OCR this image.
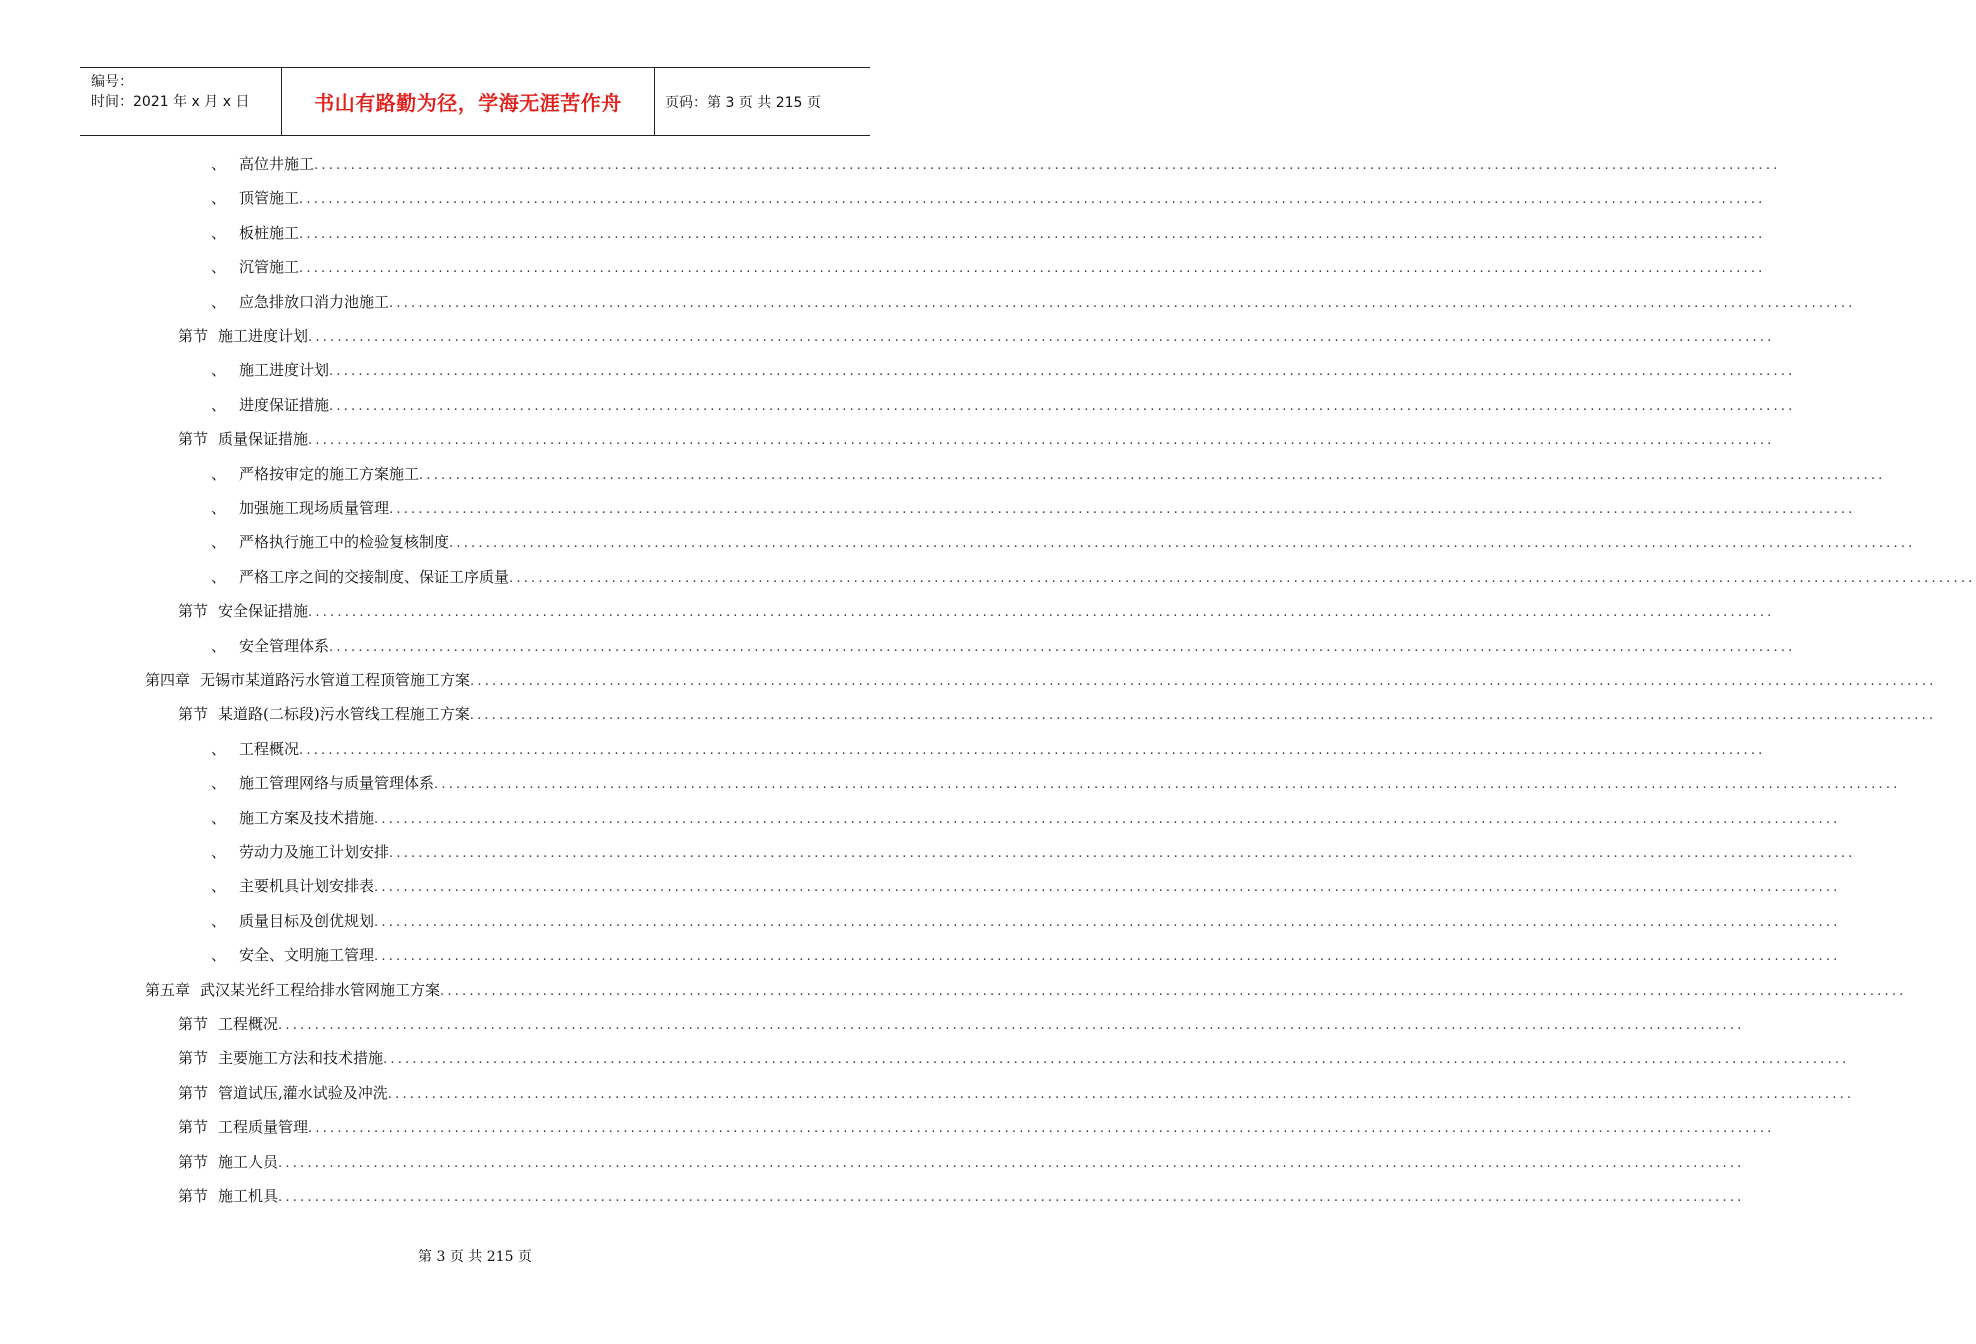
编号：
时间：2021 年 x 月 x 日	书山有路勤为径，学海无涯苦作舟	页码：第 3 页 共 215 页
、 高位井施工 ........................................................................................................................................................................................................
、 顶管施工 ........................................................................................................................................................................................................
、 板桩施工 ........................................................................................................................................................................................................
、 沉管施工 ........................................................................................................................................................................................................
、 应急排放口消力池施工 ........................................................................................................................................................................................................
第节 施工进度计划 ........................................................................................................................................................................................................
、 施工进度计划 ........................................................................................................................................................................................................
、 进度保证措施 ........................................................................................................................................................................................................
第节 质量保证措施 ........................................................................................................................................................................................................
、 严格按审定的施工方案施工 ........................................................................................................................................................................................................
、 加强施工现场质量管理 ........................................................................................................................................................................................................
、 严格执行施工中的检验复核制度 ........................................................................................................................................................................................................
、 严格工序之间的交接制度、保证工序质量 ........................................................................................................................................................................................................
第节 安全保证措施 ........................................................................................................................................................................................................
、 安全管理体系 ........................................................................................................................................................................................................
第四章 无锡市某道路污水管道工程顶管施工方案 ........................................................................................................................................................................................................
第节 某道路(二标段)污水管线工程施工方案 ........................................................................................................................................................................................................
、 工程概况 ........................................................................................................................................................................................................
、 施工管理网络与质量管理体系 ........................................................................................................................................................................................................
、 施工方案及技术措施 ........................................................................................................................................................................................................
、 劳动力及施工计划安排 ........................................................................................................................................................................................................
、 主要机具计划安排表 ........................................................................................................................................................................................................
、 质量目标及创优规划 ........................................................................................................................................................................................................
、 安全、文明施工管理 ........................................................................................................................................................................................................
第五章 武汉某光纤工程给排水管网施工方案 ........................................................................................................................................................................................................
第节 工程概况 ........................................................................................................................................................................................................
第节 主要施工方法和技术措施 ........................................................................................................................................................................................................
第节 管道试压,灌水试验及冲洗 ........................................................................................................................................................................................................
第节 工程质量管理 ........................................................................................................................................................................................................
第节 施工人员 ........................................................................................................................................................................................................
第节 施工机具 ........................................................................................................................................................................................................
第 3 页 共 215 页
